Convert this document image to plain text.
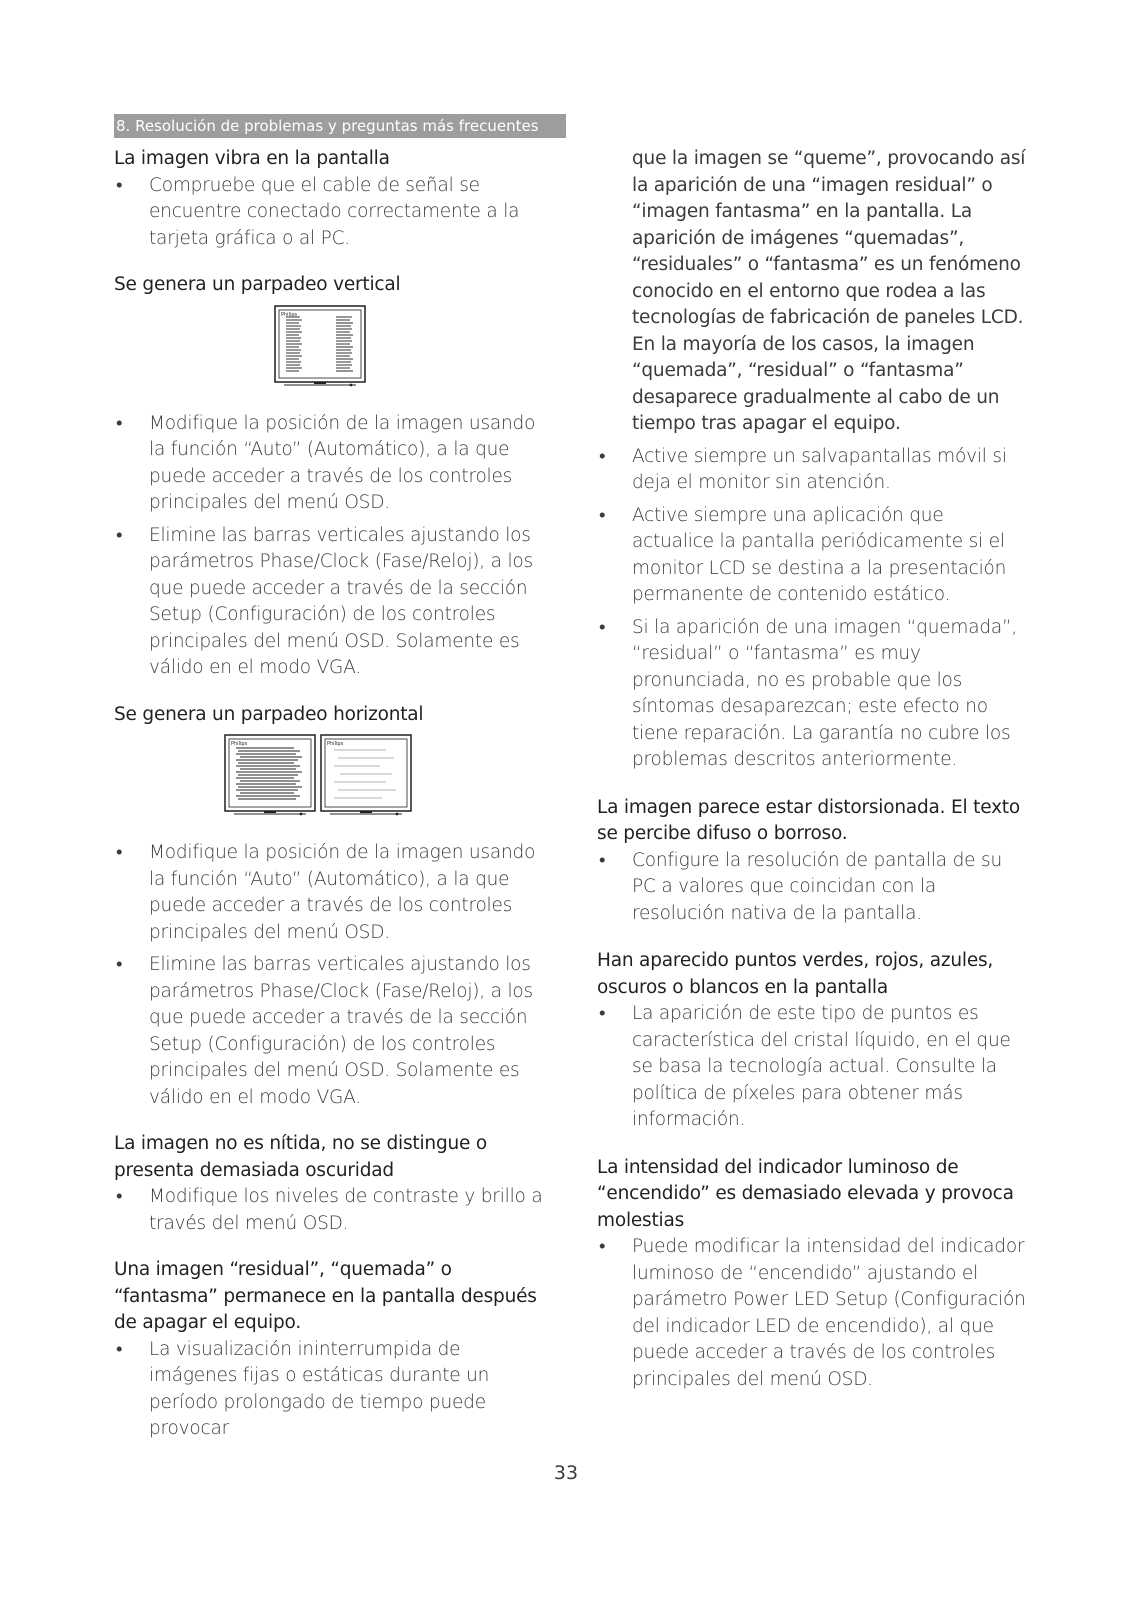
8. Resolución de problemas y preguntas más frecuentes
La imagen vibra en la pantalla
•	Compruebe que el cable de señal se encuentre conectado correctamente a la tarjeta gráfica o al PC.
Se genera un parpadeo vertical
Philips
•	Modifique la posición de la imagen usando la función “Auto” (Automático), a la que puede acceder a través de los controles principales del menú OSD.
•	Elimine las barras verticales ajustando los parámetros Phase/Clock (Fase/Reloj), a los que puede acceder a través de la sección Setup (Configuración) de los controles principales del menú OSD. Solamente es válido en el modo VGA.
Se genera un parpadeo horizontal
Philips	Philips
•	Modifique la posición de la imagen usando la función “Auto” (Automático), a la que puede acceder a través de los controles principales del menú OSD.
•	Elimine las barras verticales ajustando los parámetros Phase/Clock (Fase/Reloj), a los que puede acceder a través de la sección Setup (Configuración) de los controles principales del menú OSD. Solamente es válido en el modo VGA.
La imagen no es nítida, no se distingue o presenta demasiada oscuridad
•	Modifique los niveles de contraste y brillo a través del menú OSD.
Una imagen “residual”, “quemada” o “fantasma” permanece en la pantalla después de apagar el equipo.
•	La visualización ininterrumpida de imágenes fijas o estáticas durante un período prolongado de tiempo puede provocar
que la imagen se “queme”, provocando así la aparición de una “imagen residual” o “imagen fantasma” en la pantalla. La aparición de imágenes “quemadas”, “residuales” o “fantasma” es un fenómeno conocido en el entorno que rodea a las tecnologías de fabricación de paneles LCD. En la mayoría de los casos, la imagen “quemada”, “residual” o “fantasma” desaparece gradualmente al cabo de un tiempo tras apagar el equipo.
•	Active siempre un salvapantallas móvil si deja el monitor sin atención.
•	Active siempre una aplicación que actualice la pantalla periódicamente si el monitor LCD se destina a la presentación permanente de contenido estático.
•	Si la aparición de una imagen “quemada”, “residual” o “fantasma” es muy pronunciada, no es probable que los síntomas desaparezcan; este efecto no tiene reparación. La garantía no cubre los problemas descritos anteriormente.
La imagen parece estar distorsionada. El texto se percibe difuso o borroso.
•	Configure la resolución de pantalla de su PC a valores que coincidan con la resolución nativa de la pantalla.
Han aparecido puntos verdes, rojos, azules, oscuros o blancos en la pantalla
•	La aparición de este tipo de puntos es característica del cristal líquido, en el que se basa la tecnología actual. Consulte la política de píxeles para obtener más información.
La intensidad del indicador luminoso de “encendido” es demasiado elevada y provoca molestias
•	Puede modificar la intensidad del indicador luminoso de “encendido” ajustando el parámetro Power LED Setup (Configuración del indicador LED de encendido), al que puede acceder a través de los controles principales del menú OSD.
33
